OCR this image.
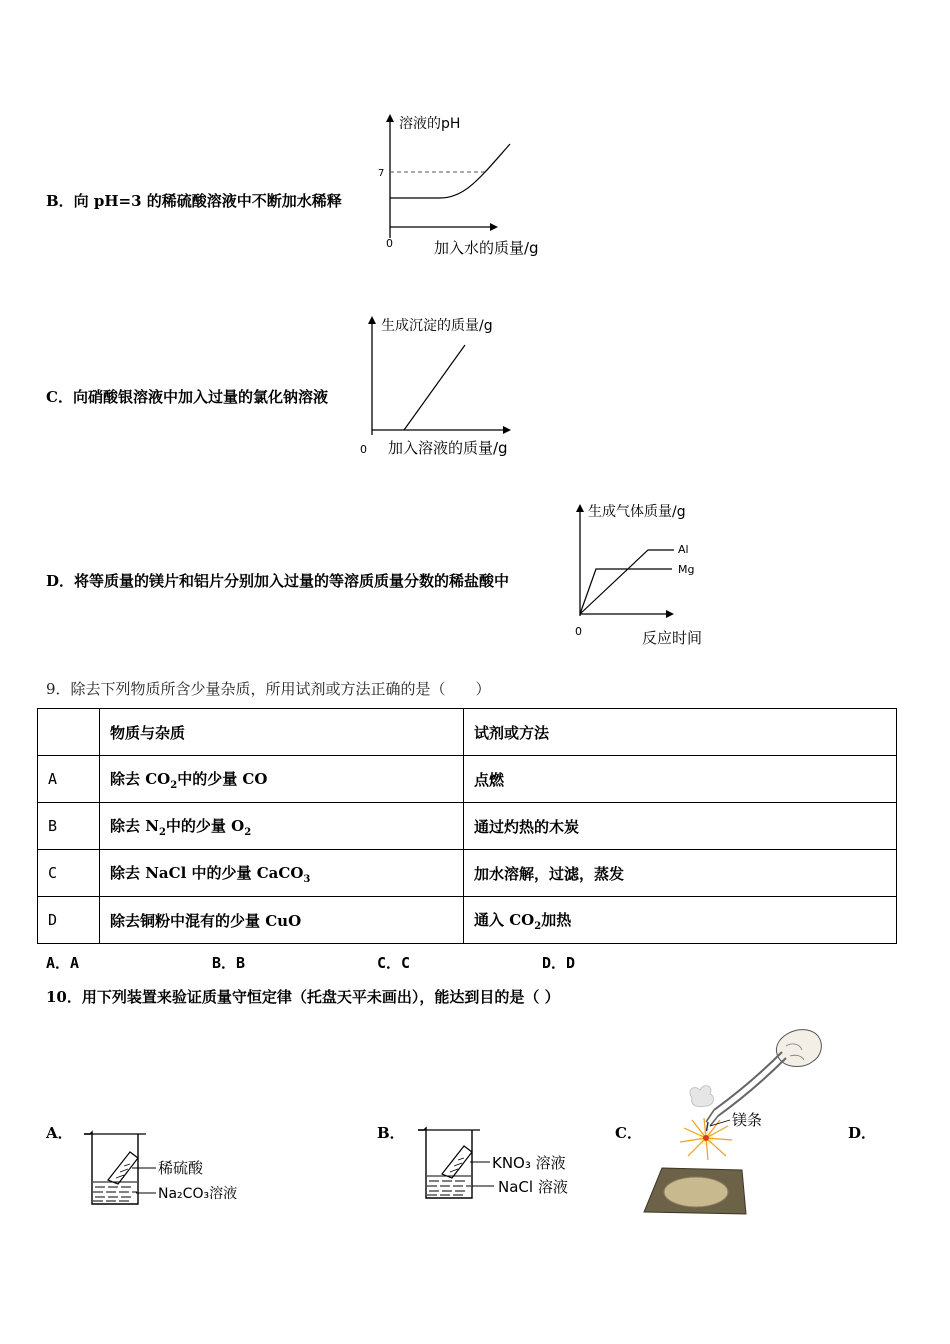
B．向 pH=3 的稀硫酸溶液中不断加水稀释
溶液的pH
7
0	加入水的质量/g
C．向硝酸银溶液中加入过量的氯化钠溶液
生成沉淀的质量/g
0 加入溶液的质量/g
D．将等质量的镁片和铝片分别加入过量的等溶质质量分数的稀盐酸中
生成气体质量/g
Al
Mg
0	反应时间
9．除去下列物质所含少量杂质，所用试剂或方法正确的是（　　）
	物质与杂质	试剂或方法
A	除去 $CO_2$中的少量 CO	点燃
B	除去 $N_2$中的少量 $O_2$	通过灼热的木炭
C	除去 NaCl 中的少量 CaCO$_3$	加水溶解，过滤，蒸发
D	除去铜粉中混有的少量 CuO	通入 $CO_2$加热
A．A	B．B	C．C	D．D
10．用下列装置来验证质量守恒定律（托盘天平未画出），能达到目的是（ ）
A．	B．	C．	D．
稀硫酸
Na₂CO₃溶液
KNO₃ 溶液
NaCl 溶液
镁条
